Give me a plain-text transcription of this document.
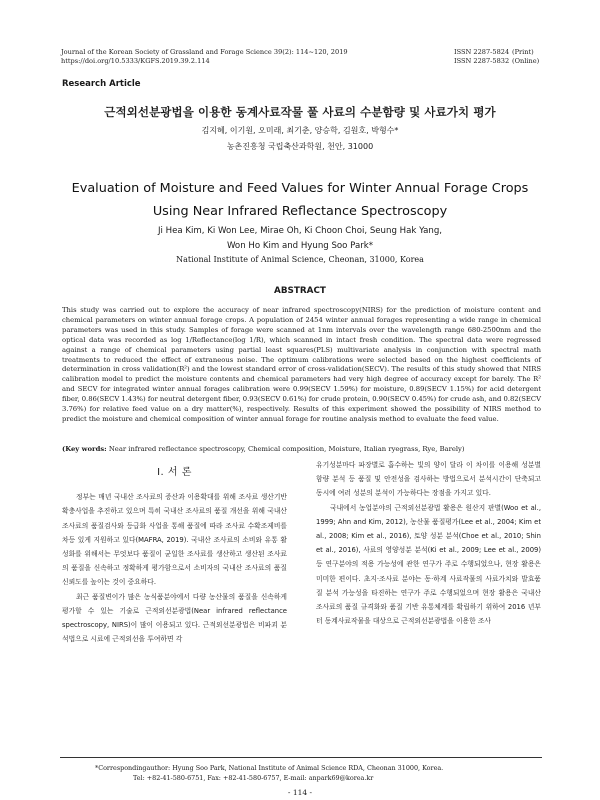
Journal of the Korean Society of Grassland and Forage Science 39(2): 114~120, 2019
https://doi.org/10.5333/KGFS.2019.39.2.114
ISSN 2287-5824 (Print)
ISSN 2287-5832 (Online)
Research Article
근적외선분광법을 이용한 동계사료작물 풀 사료의 수분함량 및 사료가치 평가
김지혜, 이기원, 오미래, 최기춘, 양승학, 김원호, 박형수*
농촌진흥청 국립축산과학원, 천안, 31000
Evaluation of Moisture and Feed Values for Winter Annual Forage Crops
Using Near Infrared Reflectance Spectroscopy
Ji Hea Kim, Ki Won Lee, Mirae Oh, Ki Choon Choi, Seung Hak Yang,
Won Ho Kim and Hyung Soo Park*
National Institute of Animal Science, Cheonan, 31000, Korea
ABSTRACT
This study was carried out to explore the accuracy of near infrared spectroscopy(NIRS) for the prediction of moisture content and chemical parameters on winter annual forage crops. A population of 2454 winter annual forages representing a wide range in chemical parameters was used in this study. Samples of forage were scanned at 1nm intervals over the wavelength range 680-2500nm and the optical data was recorded as log 1/Reflectance(log 1/R), which scanned in intact fresh condition. The spectral data were regressed against a range of chemical parameters using partial least squares(PLS) multivariate analysis in conjunction with spectral math treatments to reduced the effect of extraneous noise. The optimum calibrations were selected based on the highest coefficients of determination in cross validation(R²) and the lowest standard error of cross-validation(SECV). The results of this study showed that NIRS calibration model to predict the moisture contents and chemical parameters had very high degree of accuracy except for barely. The R² and SECV for integrated winter annual forages calibration were 0.99(SECV 1.59%) for moisture, 0.89(SECV 1.15%) for acid detergent fiber, 0.86(SECV 1.43%) for neutral detergent fiber, 0.93(SECV 0.61%) for crude protein, 0.90(SECV 0.45%) for crude ash, and 0.82(SECV 3.76%) for relative feed value on a dry matter(%), respectively. Results of this experiment showed the possibility of NIRS method to predict the moisture and chemical composition of winter annual forage for routine analysis method to evaluate the feed value.
(Key words: Near infrared reflectance spectroscopy, Chemical composition, Moisture, Italian ryegrass, Rye, Barely)

Ⅰ. 서 론

정부는 매년 국내산 조사료의 증산과 이용확대를 위해 조사료 생산기반 확충사업을 추진하고 있으며 특히 국내산 조사료의 품질 개선을 위해 국내산 조사료의 품질검사와 등급화 사업을 통해 품질에 따라 조사료 수확조제비를 차등 있게 지원하고 있다(MAFRA, 2019). 국내산 조사료의 소비와 유통 활성화를 위해서는 무엇보다 품질이 균일한 조사료를 생산하고 생산된 조사료의 품질을 신속하고 정확하게 평가함으로서 소비자의 국내산 조사료의 품질 신뢰도를 높이는 것이 중요하다.

최근 품질변이가 많은 농식품분야에서 다량 농산물의 품질을 신속하게 평가할 수 있는 기술로 근적외선분광법(Near infrared reflectance spectroscopy, NIRS)이 많이 이용되고 있다. 근적외선분광법은 비파괴 분석법으로 시료에 근적외선을 투여하면 각

유기성분마다 파장별로 흡수하는 빛의 양이 달라 이 차이를 이용해 성분별 함량 분석 등 품질 및 안전성을 검사하는 방법으로서 분석시간이 단축되고 동시에 여러 성분의 분석이 가능하다는 장점을 가지고 있다.

국내에서 농업분야의 근적외선분광법 활용은 원산지 판별(Woo et al., 1999; Ahn and Kim, 2012), 농산물 품질평가(Lee et al., 2004; Kim et al., 2008; Kim et al., 2016), 토양 성분 분석(Choe et al., 2010; Shin et al., 2016), 사료의 영양성분 분석(Ki et al., 2009; Lee et al., 2009) 등 연구분야의 적용 가능성에 관한 연구가 주로 수행되었으나, 현장 활용은 미미한 편이다. 초지·조사료 분야는 동·하계 사료작물의 사료가치와 발효품질 분석 가능성을 타진하는 연구가 주로 수행되었으며 현장 활용은 국내산 조사료의 품질 규격화와 품질 기반 유통체계를 확립하기 위하여 2016 년부터 동계사료작물을 대상으로 근적외선분광법을 이용한 조사

*Correspondingauthor: Hyung Soo Park, National Institute of Animal Science RDA, Cheonan 31000, Korea.
Tel: +82-41-580-6751, Fax: +82-41-580-6757, E-mail: anpark69@korea.kr
- 114 -
